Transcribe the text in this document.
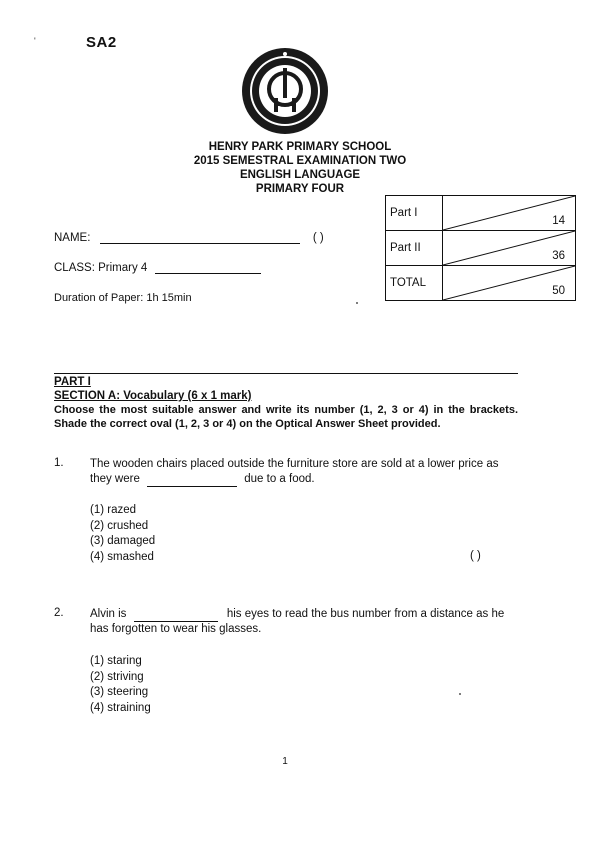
'	SA2
HENRY PARK PRIMARY SCHOOL
2015 SEMESTRAL EXAMINATION TWO
ENGLISH LANGUAGE
PRIMARY FOUR
NAME:	( )
CLASS: Primary 4
Duration of Paper: 1h 15min
Part I	14

Part II	36

TOTAL	50
PART I
SECTION A: Vocabulary (6 x 1 mark)
Choose the most suitable answer and write its number (1, 2, 3 or 4) in the brackets. Shade the correct oval (1, 2, 3 or 4) on the Optical Answer Sheet provided.
1. The wooden chairs placed outside the furniture store are sold at a lower price as they were	due to a food.
(1) razed
(2) crushed
(3) damaged
(4) smashed	( )
2. Alvin is	his eyes to read the bus number from a distance as he has forgotten to wear his glasses.
(1) staring
(2) striving
(3) steering
(4) straining
1
